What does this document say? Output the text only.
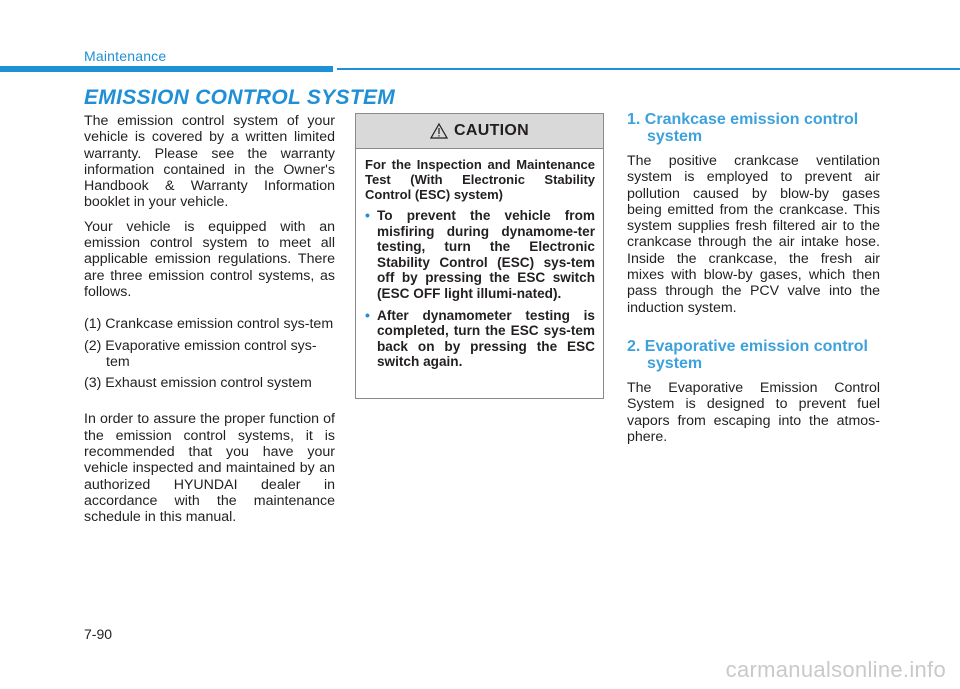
Maintenance
EMISSION CONTROL SYSTEM

The emission control system of your vehicle is covered by a written limited warranty. Please see the warranty information contained in the Owner's Handbook & Warranty Information booklet in your vehicle.

Your vehicle is equipped with an emission control system to meet all applicable emission regulations. There are three emission control systems, as follows.

(1) Crankcase emission control sys-tem
(2) Evaporative emission control sys-tem
(3) Exhaust emission control system

In order to assure the proper function of the emission control systems, it is recommended that you have your vehicle inspected and maintained by an authorized HYUNDAI dealer in accordance with the maintenance schedule in this manual.

CAUTION

For the Inspection and Maintenance Test (With Electronic Stability Control (ESC) system)

• To prevent the vehicle from misfiring during dynamome-ter testing, turn the Electronic Stability Control (ESC) sys-tem off by pressing the ESC switch (ESC OFF light illumi-nated).
• After dynamometer testing is completed, turn the ESC sys-tem back on by pressing the ESC switch again.
1. Crankcase emission control system

The positive crankcase ventilation system is employed to prevent air pollution caused by blow-by gases being emitted from the crankcase. This system supplies fresh filtered air to the crankcase through the air intake hose. Inside the crankcase, the fresh air mixes with blow-by gases, which then pass through the PCV valve into the induction system.

2. Evaporative emission control system

The Evaporative Emission Control System is designed to prevent fuel vapors from escaping into the atmos-phere.

7-90
carmanualsonline.info
